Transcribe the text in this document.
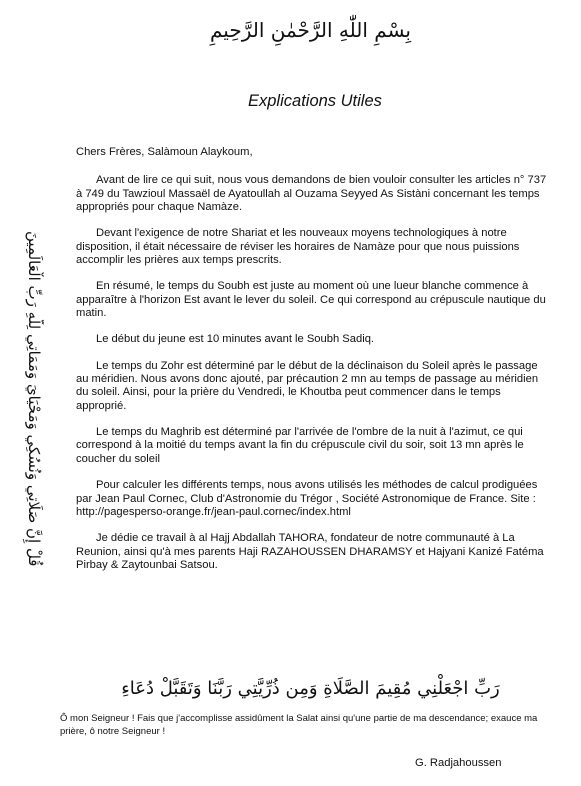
بِسْمِ اللّٰهِ الرَّحْمٰنِ الرَّحِيمِ
قُلْ إِنَّ صَلَاتِي وَنُسُكِي وَمَحْيَايَ وَمَمَاتِي لِلَّهِ رَبِّ الْعَالَمِينَ
Explications Utiles

Chers Frères, Salàmoun Alaykoum,

Avant de lire ce qui suit, nous vous demandons de bien vouloir consulter les articles n° 737 à 749 du Tawzioul Massaël de Ayatoullah al Ouzama Seyyed As Sistàni concernant les temps appropriés pour chaque Namàze.

Devant l'exigence de notre Shariat et les nouveaux moyens technologiques à notre disposition, il était nécessaire de réviser les horaires de Namàze pour que nous puissions accomplir les prières aux temps prescrits.

En résumé, le temps du Soubh est juste au moment où une lueur blanche commence à apparaître à l'horizon Est avant le lever du soleil. Ce qui correspond au crépuscule nautique du matin.

Le début du jeune est 10 minutes avant le Soubh Sadiq.

Le temps du Zohr est déterminé par le début de la déclinaison du Soleil après le passage au méridien. Nous avons donc ajouté, par précaution 2 mn au temps de passage au méridien du soleil. Ainsi, pour la prière du Vendredi, le Khoutba peut commencer dans le temps approprié.

Le temps du Maghrib est déterminé par l'arrivée de l'ombre de la nuit à l'azimut, ce qui correspond à la moitié du temps avant la fin du crépuscule civil du soir, soit 13 mn après le coucher du soleil

Pour calculer les différents temps, nous avons utilisés les méthodes de calcul prodiguées par Jean Paul Cornec, Club d'Astronomie du Trégor , Société Astronomique de France. Site : http://pagesperso-orange.fr/jean-paul.cornec/index.html

Je dédie ce travail à al Hajj Abdallah TAHORA, fondateur de notre communauté à La Reunion, ainsi qu'à mes parents Haji RAZAHOUSSEN DHARAMSY et Hajyani Kanizé Fatéma Pirbay & Zaytounbai Satsou.

رَبِّ اجْعَلْنِي مُقِيمَ الصَّلَاةِ وَمِن ذُرِّيَّتِي رَبَّنَا وَتَقَبَّلْ دُعَاءِ
Ô mon Seigneur ! Fais que j'accomplisse assidûment la Salat ainsi qu'une partie de ma descendance; exauce ma prière, ô notre Seigneur !
G. Radjahoussen
